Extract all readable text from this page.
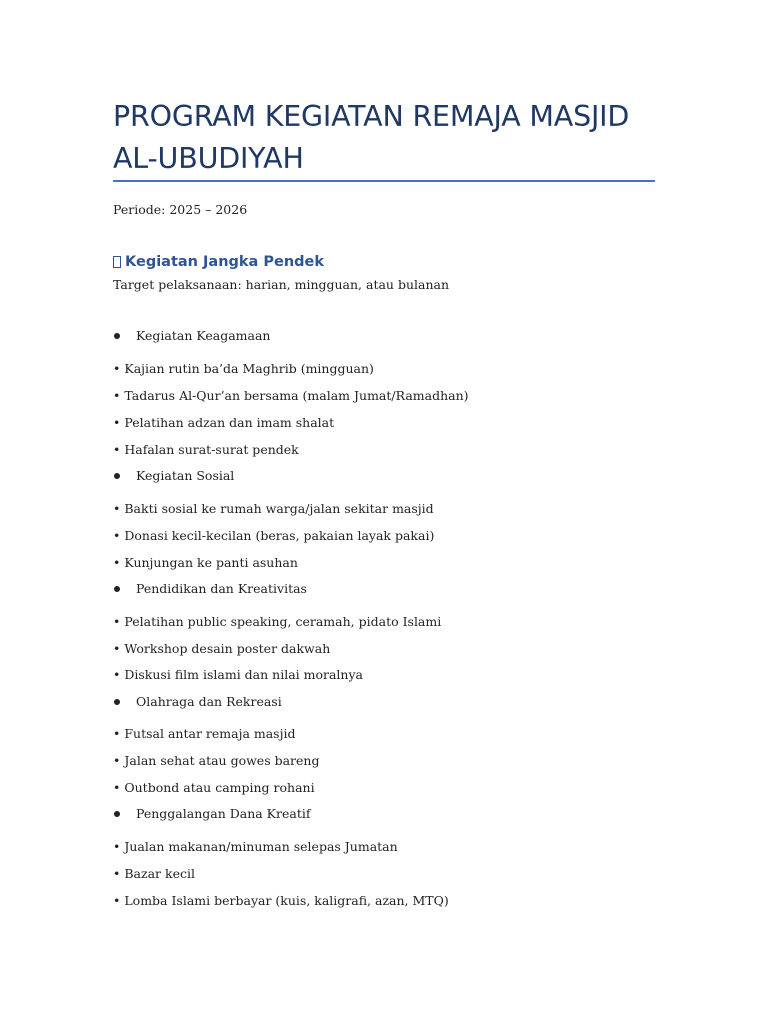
PROGRAM KEGIATAN REMAJA MASJID
AL-UBUDIYAH
Periode: 2025 – 2026
Kegiatan Jangka Pendek
Target pelaksanaan: harian, mingguan, atau bulanan
Kegiatan Keagamaan
• Kajian rutin ba’da Maghrib (mingguan)
• Tadarus Al-Qur’an bersama (malam Jumat/Ramadhan)
• Pelatihan adzan dan imam shalat
• Hafalan surat-surat pendek
Kegiatan Sosial
• Bakti sosial ke rumah warga/jalan sekitar masjid
• Donasi kecil-kecilan (beras, pakaian layak pakai)
• Kunjungan ke panti asuhan
Pendidikan dan Kreativitas
• Pelatihan public speaking, ceramah, pidato Islami
• Workshop desain poster dakwah
• Diskusi film islami dan nilai moralnya
Olahraga dan Rekreasi
• Futsal antar remaja masjid
• Jalan sehat atau gowes bareng
• Outbond atau camping rohani
Penggalangan Dana Kreatif
• Jualan makanan/minuman selepas Jumatan
• Bazar kecil
• Lomba Islami berbayar (kuis, kaligrafi, azan, MTQ)
